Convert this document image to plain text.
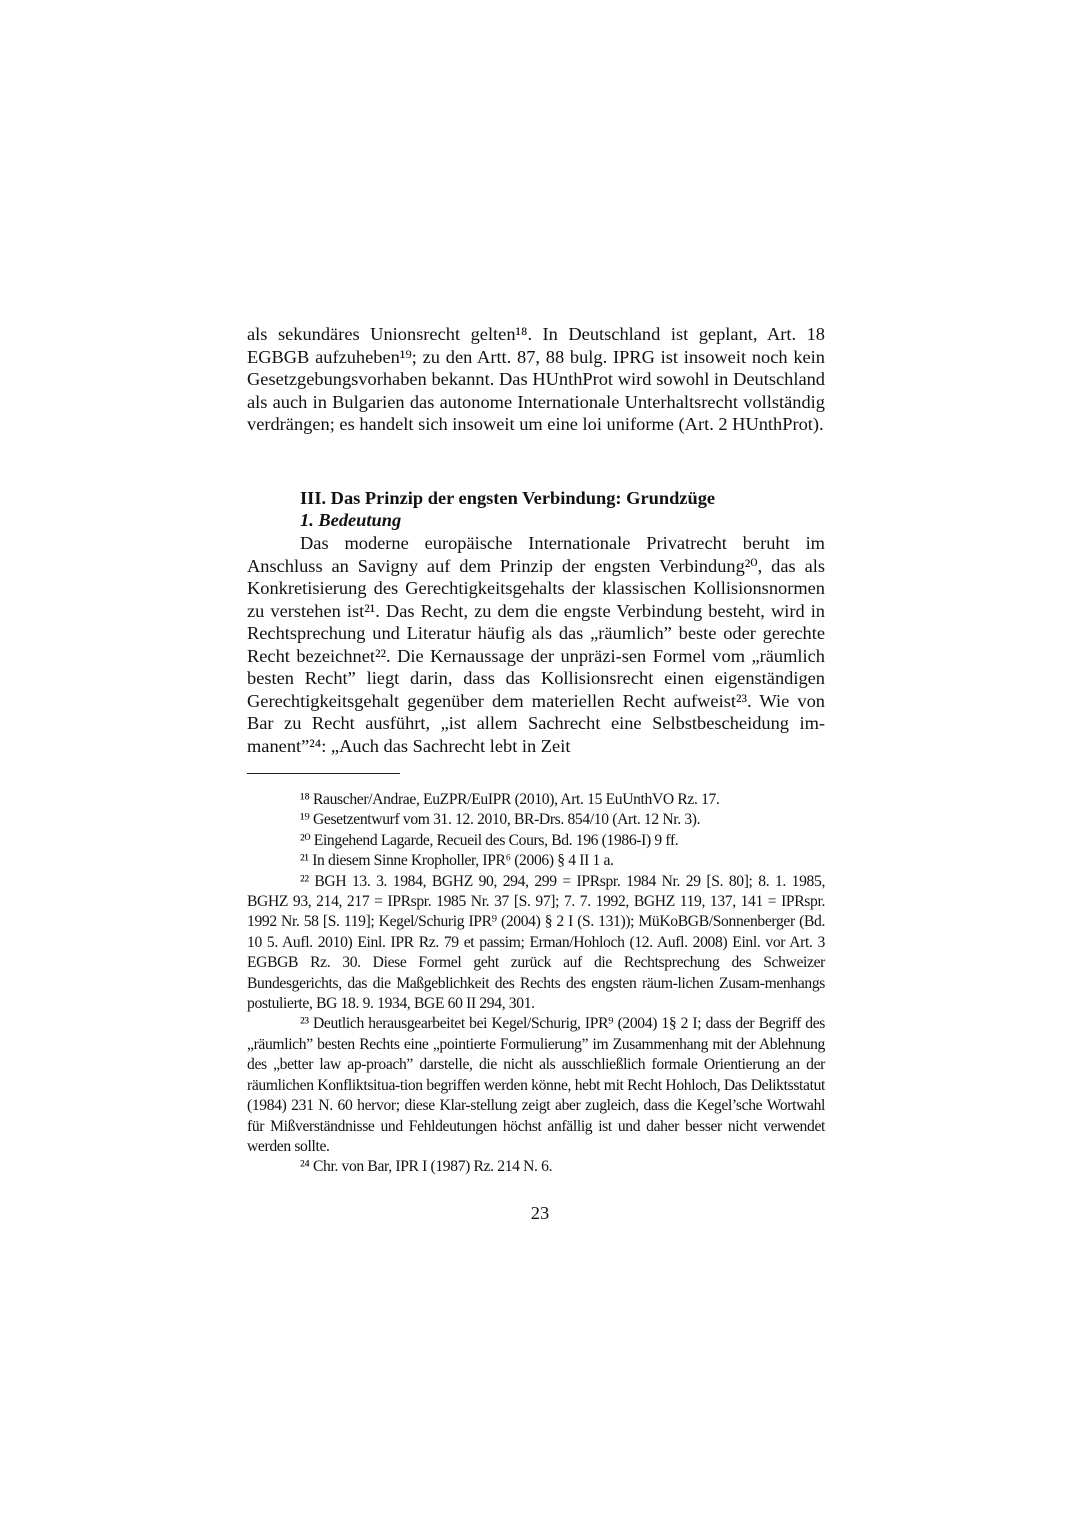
als sekundäres Unionsrecht gelten¹⁸. In Deutschland ist geplant, Art. 18 EGBGB aufzuheben¹⁹; zu den Artt. 87, 88 bulg. IPRG ist insoweit noch kein Gesetzgebungsvorhaben bekannt. Das HUnthProt wird sowohl in Deutschland als auch in Bulgarien das autonome Internationale Unterhaltsrecht vollständig verdrängen; es handelt sich insoweit um eine loi uniforme (Art. 2 HUnthProt).

III. Das Prinzip der engsten Verbindung: Grundzüge
1. Bedeutung

Das moderne europäische Internationale Privatrecht beruht im Anschluss an Savigny auf dem Prinzip der engsten Verbindung²⁰, das als Konkretisierung des Gerechtigkeitsgehalts der klassischen Kollisionsnormen zu verstehen ist²¹. Das Recht, zu dem die engste Verbindung besteht, wird in Rechtsprechung und Literatur häufig als das „räumlich” beste oder gerechte Recht bezeichnet²². Die Kernaussage der unpräzi-sen Formel vom „räumlich besten Recht” liegt darin, dass das Kollisionsrecht einen eigenständigen Gerechtigkeitsgehalt gegenüber dem materiellen Recht aufweist²³. Wie von Bar zu Recht ausführt, „ist allem Sachrecht eine Selbstbescheidung im-manent”²⁴: „Auch das Sachrecht lebt in Zeit

¹⁸ Rauscher/Andrae, EuZPR/EuIPR (2010), Art. 15 EuUnthVO Rz. 17.

¹⁹ Gesetzentwurf vom 31. 12. 2010, BR-Drs. 854/10 (Art. 12 Nr. 3).

²⁰ Eingehend Lagarde, Recueil des Cours, Bd. 196 (1986-I) 9 ff.

²¹ In diesem Sinne Kropholler, IPR⁶ (2006) § 4 II 1 a.

²² BGH 13. 3. 1984, BGHZ 90, 294, 299 = IPRspr. 1984 Nr. 29 [S. 80]; 8. 1. 1985, BGHZ 93, 214, 217 = IPRspr. 1985 Nr. 37 [S. 97]; 7. 7. 1992, BGHZ 119, 137, 141 = IPRspr. 1992 Nr. 58 [S. 119]; Kegel/Schurig IPR⁹ (2004) § 2 I (S. 131)); MüKoBGB/Sonnenberger (Bd. 10 5. Aufl. 2010) Einl. IPR Rz. 79 et passim; Erman/Hohloch (12. Aufl. 2008) Einl. vor Art. 3 EGBGB Rz. 30. Diese Formel geht zurück auf die Rechtsprechung des Schweizer Bundesgerichts, das die Maßgeblichkeit des Rechts des engsten räum-lichen Zusam-menhangs postulierte, BG 18. 9. 1934, BGE 60 II 294, 301.

²³ Deutlich herausgearbeitet bei Kegel/Schurig, IPR⁹ (2004) 1§ 2 I; dass der Begriff des „räumlich” besten Rechts eine „pointierte Formulierung” im Zusammenhang mit der Ablehnung des „better law ap-proach” darstelle, die nicht als ausschließlich formale Orientierung an der räumlichen Konfliktsitua-tion begriffen werden könne, hebt mit Recht Hohloch, Das Deliktsstatut (1984) 231 N. 60 hervor; diese Klar-stellung zeigt aber zugleich, dass die Kegel’sche Wortwahl für Mißverständnisse und Fehldeutungen höchst anfällig ist und daher besser nicht verwendet werden sollte.

²⁴ Chr. von Bar, IPR I (1987) Rz. 214 N. 6.

23
